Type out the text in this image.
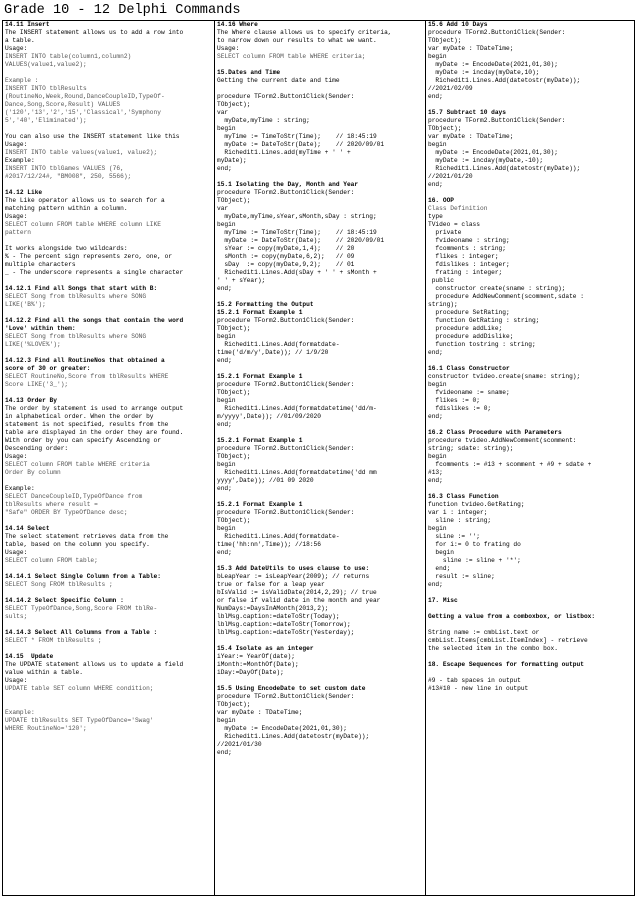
Grade 10 - 12 Delphi Commands
14.11 Insert
The INSERT statement allows us to add a row into
a table.
Usage:
INSERT INTO table(column1,column2)
VALUES(value1,value2);
Example :
INSERT INTO tblResults
(RoutineNo,Week,Round,DanceCoupleID,TypeOf-
Dance,Song,Score,Result) VALUES
('120','13','2','15','Classical','Symphony
5','40','Eliminated');
You can also use the INSERT statement like this
Usage:
INSERT INTO table values(value1, value2);
Example:
INSERT INTO tblGames VALUES (76,
#2017/12/24#, "BM008", 250, 5566);
14.12 Like
The Like operator allows us to search for a
matching pattern within a column.
Usage:
SELECT column FROM table WHERE column LIKE
pattern
It works alongside two wildcards:
% - The percent sign represents zero, one, or
multiple characters
_ - The underscore represents a single character
14.12.1 Find all Songs that start with B:
SELECT Song from tblResults where SONG
LIKE('B%');
14.12.2 Find all the songs that contain the word
'Love' within them:
SELECT Song from tblResults where SONG
LIKE('%LOVE%');
14.12.3 Find all RoutineNos that obtained a
score of 30 or greater:
SELECT RoutineNo,Score from tblResults WHERE
Score LIKE('3_');
14.13 Order By
The order by statement is used to arrange output
in alphabetical order. When the order by
statement is not specified, results from the
table are displayed in the order they are found.
With order by you can specify Ascending or
Descending order:
Usage:
SELECT column FROM table WHERE criteria
Order By column
Example:
SELECT DanceCoupleID,TypeOfDance from
tblResults where result =
"Safe" ORDER BY TypeOfDance desc;
14.14 Select
The select statement retrieves data from the
table, based on the column you specify.
Usage:
SELECT column FROM table;
14.14.1 Select Single Column from a Table:
SELECT Song FROM tblResults ;
14.14.2 Select Specific Column :
SELECT TypeOfDance,Song,Score FROM tblRe-
sults;
14.14.3 Select All Columns from a Table :
SELECT * FROM tblResults ;
14.15  Update
The UPDATE statement allows us to update a field
value within a table.
Usage:
UPDATE table SET column WHERE condition;
Example:
UPDATE tblResults SET TypeOfDance='Swag'
WHERE RoutineNo='120';
14.16 Where
The Where clause allows us to specify criteria,
to narrow down our results to what we want.
Usage:
SELECT column FROM table WHERE criteria;
15.Dates and Time
Getting the current date and time
procedure TForm2.Button1Click(Sender:
TObject);
var
myDate,myTime : string;
begin
myTime := TimeToStr(Time);    // 18:45:19
myDate := DateToStr(Date);    // 2020/09/01
Richedit1.Lines.add(myTime + ' ' +
myDate);
end;
15.1 Isolating the Day, Month and Year
procedure TForm2.Button1Click(Sender:
TObject);
var
myDate,myTime,sYear,sMonth,sDay : string;
begin
myTime := TimeToStr(Time);    // 18:45:19
myDate := DateToStr(Date);    // 2020/09/01
sYear := copy(myDate,1,4);    // 20
sMonth := copy(myDate,6,2);   // 09
sDay  := copy(myDate,9,2);    // 01
Richedit1.Lines.Add(sDay + ' ' + sMonth +
' ' + sYear);
end;
15.2 Formatting the Output
15.2.1 Format Example 1
procedure TForm2.Button1Click(Sender:
TObject);
begin
Richedit1.Lines.Add(formatdate-
time('d/m/y',Date)); // 1/9/20
end;
15.2.1 Format Example 1
procedure TForm2.Button1Click(Sender:
TObject);
begin
Richedit1.Lines.Add(formatdatetime('dd/m-
m/yyyy',Date)); //01/09/2020
end;
15.2.1 Format Example 1
procedure TForm2.Button1Click(Sender:
TObject);
begin
Richedit1.Lines.Add(formatdatetime('dd mm
yyyy',Date)); //01 09 2020
end;
15.2.1 Format Example 1
procedure TForm2.Button1Click(Sender:
TObject);
begin
Richedit1.Lines.Add(formatdate-
time('hh:nn',Time)); //18:56
end;
15.3 Add DateUtils to uses clause to use:
bLeapYear := isLeapYear(2009); // returns
true or false for a leap year
bIsValid := isValidDate(2014,2,29); // true
or false if valid date in the month and year
NumDays:=DaysInAMonth(2013,2);
lblMsg.caption:=dateToStr(Today);
lblMsg.caption:=dateToStr(Tomorrow);
lblMsg.caption:=dateToStr(Yesterday);
15.4 Isolate as an integer
iYear:= YearOf(date);
iMonth:=MonthOf(Date);
iDay:=DayOf(Date);
15.5 Using EncodeDate to set custom date
procedure TForm2.Button1Click(Sender:
TObject);
var myDate : TDateTime;
begin
myDate := EncodeDate(2021,01,30);
Richedit1.Lines.Add(datetostr(myDate));
//2021/01/30
end;
15.6 Add 10 Days
procedure TForm2.Button1Click(Sender:
TObject);
var myDate : TDateTime;
begin
myDate := EncodeDate(2021,01,30);
myDate := incday(myDate,10);
Richedit1.Lines.Add(datetostr(myDate));
//2021/02/09
end;
15.7 Subtract 10 days
procedure TForm2.Button1Click(Sender:
TObject);
var myDate : TDateTime;
begin
myDate := EncodeDate(2021,01,30);
myDate := incday(myDate,-10);
Richedit1.Lines.Add(datetostr(myDate));
//2021/01/20
end;
16. OOP
Class Definition
type
TVideo = class
private
fvideoname : string;
fcomments : string;
flikes : integer;
fdislikes : integer;
frating : integer;
public
constructor create(sname : string);
procedure AddNewComment(scomment,sdate :
string);
procedure SetRating;
function GetRating : string;
procedure addLike;
procedure addDislike;
function tostring : string;
end;
16.1 Class Constructor
constructor tvideo.create(sname: string);
begin
fvideoname := sname;
flikes := 0;
fdislikes := 0;
end;
16.2 Class Procedure with Parameters
procedure tvideo.AddNewComment(scomment:
string; sdate: string);
begin
fcomments := #13 + scomment + #9 + sdate +
#13;
end;
16.3 Class Function
function tvideo.GetRating;
var i : integer;
sline : string;
begin
sLine := '';
for i:= 0 to frating do
begin
sline := sline + '*';
end;
result := sline;
end;
17. Misc
Getting a value from a comboxbox, or listbox:
String name := cmbList.text or
cmbList.Items[cmbList.ItemIndex] - retrieve
the selected item in the combo box.
18. Escape Sequences for formatting output
#9 - tab spaces in output
#13#10 - new line in output
